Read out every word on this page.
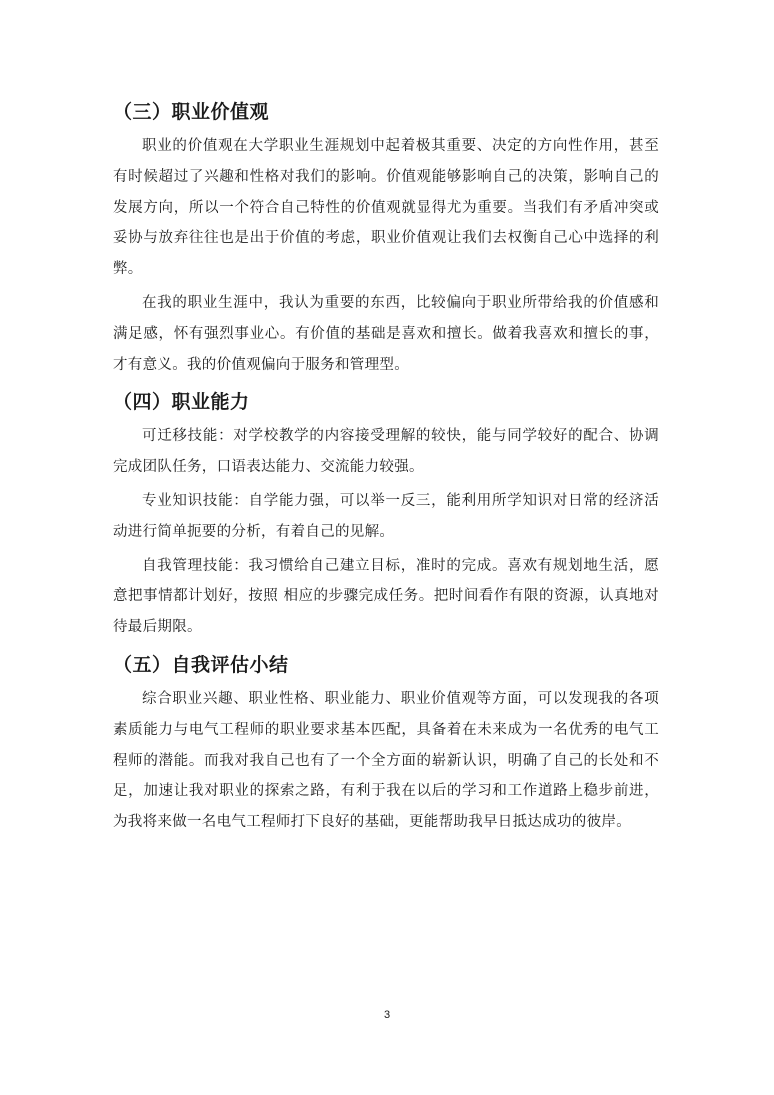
（三）职业价值观

职业的价值观在大学职业生涯规划中起着极其重要、决定的方向性作用，甚至有时候超过了兴趣和性格对我们的影响。价值观能够影响自己的决策，影响自己的发展方向，所以一个符合自己特性的价值观就显得尤为重要。当我们有矛盾冲突或妥协与放弃往往也是出于价值的考虑，职业价值观让我们去权衡自己心中选择的利弊。

在我的职业生涯中，我认为重要的东西，比较偏向于职业所带给我的价值感和满足感，怀有强烈事业心。有价值的基础是喜欢和擅长。做着我喜欢和擅长的事，才有意义。我的价值观偏向于服务和管理型。

（四）职业能力

可迁移技能：对学校教学的内容接受理解的较快，能与同学较好的配合、协调完成团队任务，口语表达能力、交流能力较强。

专业知识技能：自学能力强，可以举一反三，能利用所学知识对日常的经济活动进行简单扼要的分析，有着自己的见解。

自我管理技能：我习惯给自己建立目标，准时的完成。喜欢有规划地生活，愿意把事情都计划好，按照 相应的步骤完成任务。把时间看作有限的资源，认真地对待最后期限。

（五）自我评估小结

综合职业兴趣、职业性格、职业能力、职业价值观等方面，可以发现我的各项素质能力与电气工程师的职业要求基本匹配，具备着在未来成为一名优秀的电气工程师的潜能。而我对我自己也有了一个全方面的崭新认识，明确了自己的长处和不足，加速让我对职业的探索之路，有利于我在以后的学习和工作道路上稳步前进，为我将来做一名电气工程师打下良好的基础，更能帮助我早日抵达成功的彼岸。

3
